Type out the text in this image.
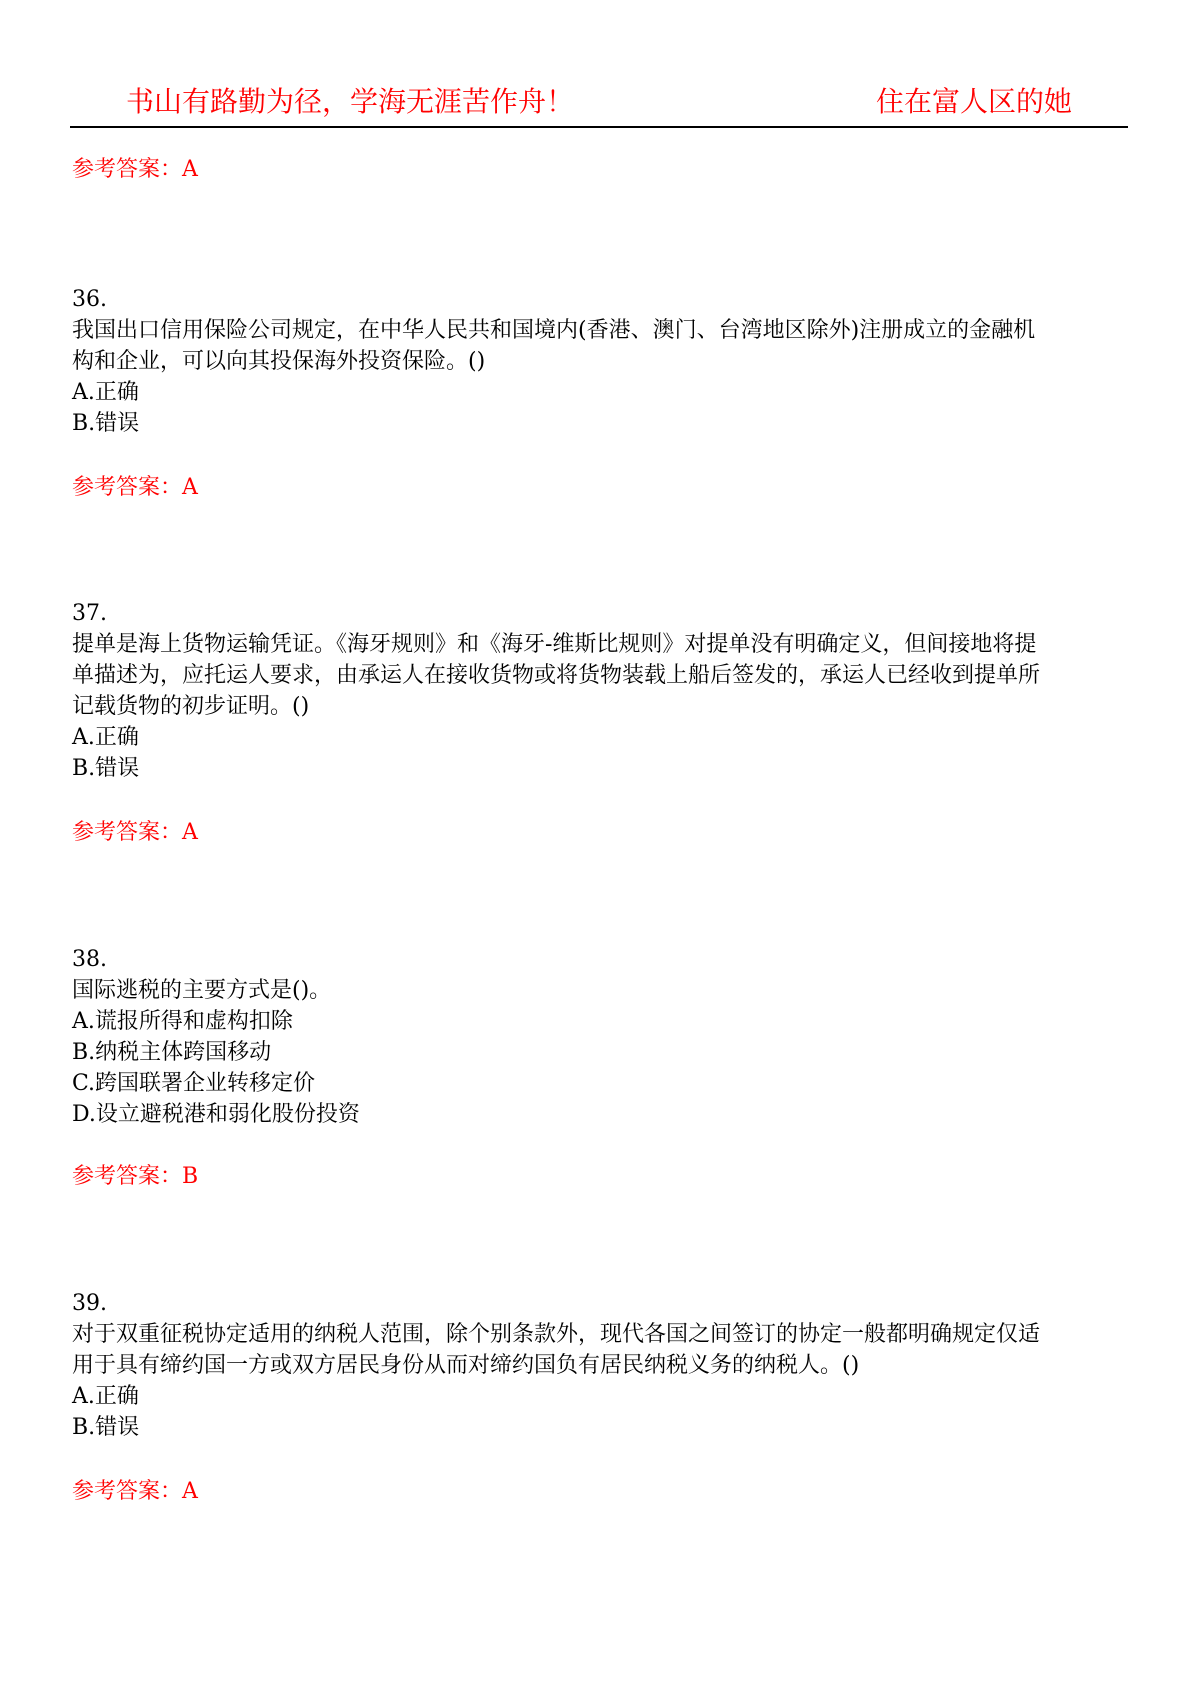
书山有路勤为径，学海无涯苦作舟！	住在富人区的她
参考答案：A
36.
我国出口信用保险公司规定，在中华人民共和国境内(香港、澳门、台湾地区除外)注册成立的金融机
构和企业，可以向其投保海外投资保险。()
A.正确
B.错误
参考答案：A
37.
提单是海上货物运输凭证。《海牙规则》和《海牙-维斯比规则》对提单没有明确定义，但间接地将提
单描述为，应托运人要求，由承运人在接收货物或将货物装载上船后签发的，承运人已经收到提单所
记载货物的初步证明。()
A.正确
B.错误
参考答案：A
38.
国际逃税的主要方式是()。
A.谎报所得和虚构扣除
B.纳税主体跨国移动
C.跨国联署企业转移定价
D.设立避税港和弱化股份投资
参考答案：B
39.
对于双重征税协定适用的纳税人范围，除个别条款外，现代各国之间签订的协定一般都明确规定仅适
用于具有缔约国一方或双方居民身份从而对缔约国负有居民纳税义务的纳税人。()
A.正确
B.错误
参考答案：A
